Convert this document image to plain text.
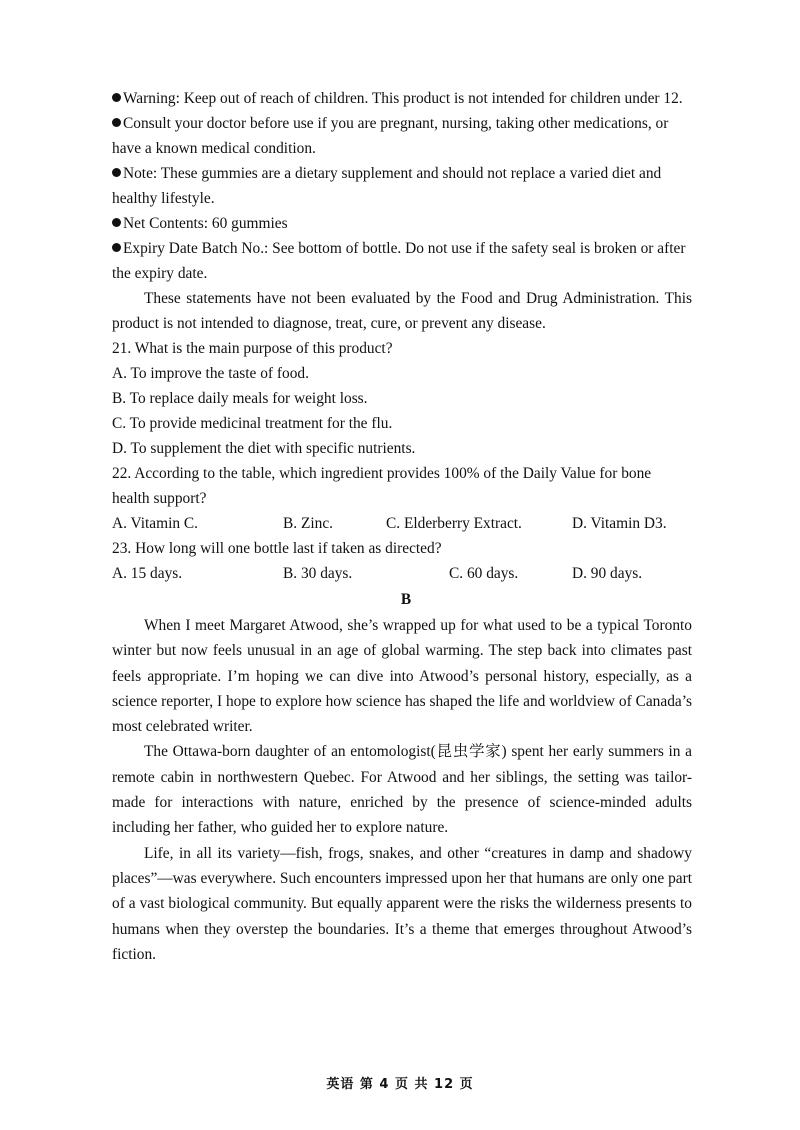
Warning: Keep out of reach of children. This product is not intended for children under 12.

Consult your doctor before use if you are pregnant, nursing, taking other medications, or have a known medical condition.

Note: These gummies are a dietary supplement and should not replace a varied diet and healthy lifestyle.

Net Contents: 60 gummies

Expiry Date Batch No.: See bottom of bottle. Do not use if the safety seal is broken or after the expiry date.

These statements have not been evaluated by the Food and Drug Administration. This product is not intended to diagnose, treat, cure, or prevent any disease.

21. What is the main purpose of this product?

A. To improve the taste of food.

B. To replace daily meals for weight loss.

C. To provide medicinal treatment for the flu.

D. To supplement the diet with specific nutrients.

22. According to the table, which ingredient provides 100% of the Daily Value for bone health support?

A. Vitamin C.	B. Zinc.	C. Elderberry Extract.	D. Vitamin D3.

23. How long will one bottle last if taken as directed?

A. 15 days.	B. 30 days.	C. 60 days.	D. 90 days.

B

When I meet Margaret Atwood, she’s wrapped up for what used to be a typical Toronto winter but now feels unusual in an age of global warming. The step back into climates past feels appropriate. I’m hoping we can dive into Atwood’s personal history, especially, as a science reporter, I hope to explore how science has shaped the life and worldview of Canada’s most celebrated writer.

The Ottawa-born daughter of an entomologist(昆虫学家) spent her early summers in a remote cabin in northwestern Quebec. For Atwood and her siblings, the setting was tailor-made for interactions with nature, enriched by the presence of science-minded adults including her father, who guided her to explore nature.

Life, in all its variety—fish, frogs, snakes, and other “creatures in damp and shadowy places”—was everywhere. Such encounters impressed upon her that humans are only one part of a vast biological community. But equally apparent were the risks the wilderness presents to humans when they overstep the boundaries. It’s a theme that emerges throughout Atwood’s fiction.

英语 第 4 页 共 12 页
